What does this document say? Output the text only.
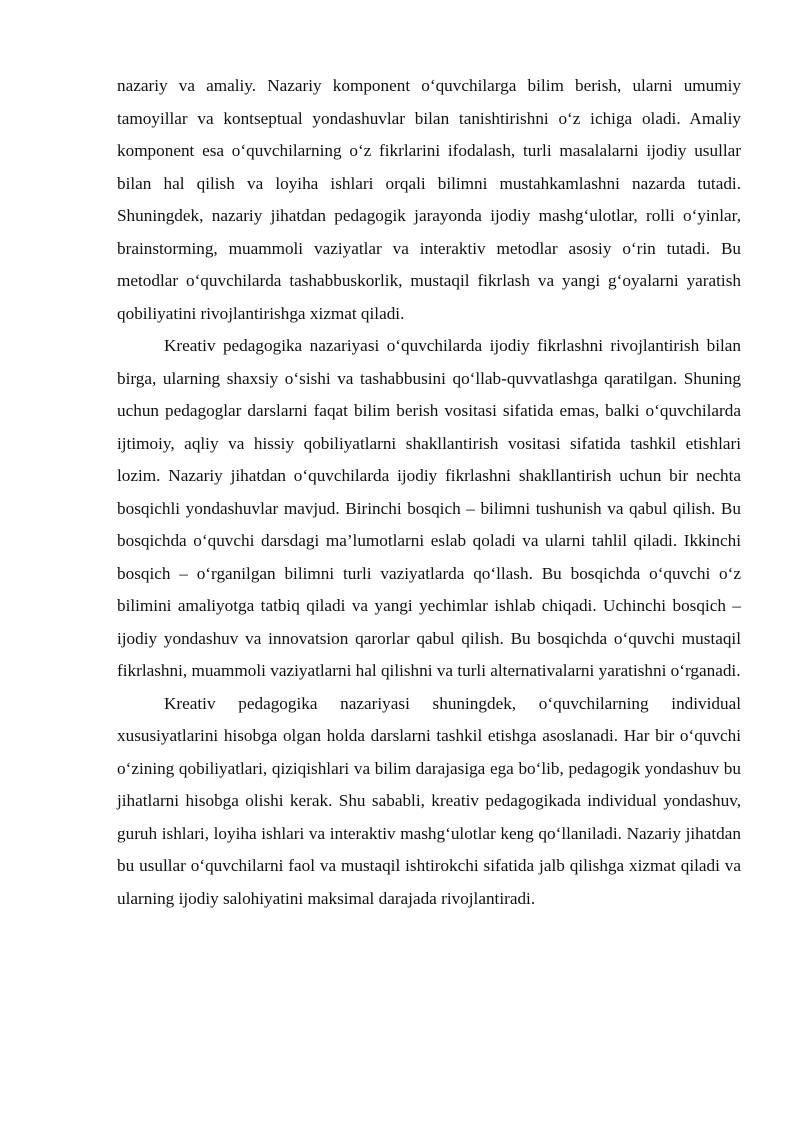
nazariy va amaliy. Nazariy komponent o‘quvchilarga bilim berish, ularni umumiy tamoyillar va kontseptual yondashuvlar bilan tanishtirishni o‘z ichiga oladi. Amaliy komponent esa o‘quvchilarning o‘z fikrlarini ifodalash, turli masalalarni ijodiy usullar bilan hal qilish va loyiha ishlari orqali bilimni mustahkamlashni nazarda tutadi. Shuningdek, nazariy jihatdan pedagogik jarayonda ijodiy mashg‘ulotlar, rolli o‘yinlar, brainstorming, muammoli vaziyatlar va interaktiv metodlar asosiy o‘rin tutadi. Bu metodlar o‘quvchilarda tashabbuskorlik, mustaqil fikrlash va yangi g‘oyalarni yaratish qobiliyatini rivojlantirishga xizmat qiladi.

Kreativ pedagogika nazariyasi o‘quvchilarda ijodiy fikrlashni rivojlantirish bilan birga, ularning shaxsiy o‘sishi va tashabbusini qo‘llab-quvvatlashga qaratilgan. Shuning uchun pedagoglar darslarni faqat bilim berish vositasi sifatida emas, balki o‘quvchilarda ijtimoiy, aqliy va hissiy qobiliyatlarni shakllantirish vositasi sifatida tashkil etishlari lozim. Nazariy jihatdan o‘quvchilarda ijodiy fikrlashni shakllantirish uchun bir nechta bosqichli yondashuvlar mavjud. Birinchi bosqich – bilimni tushunish va qabul qilish. Bu bosqichda o‘quvchi darsdagi ma’lumotlarni eslab qoladi va ularni tahlil qiladi. Ikkinchi bosqich – o‘rganilgan bilimni turli vaziyatlarda qo‘llash. Bu bosqichda o‘quvchi o‘z bilimini amaliyotga tatbiq qiladi va yangi yechimlar ishlab chiqadi. Uchinchi bosqich – ijodiy yondashuv va innovatsion qarorlar qabul qilish. Bu bosqichda o‘quvchi mustaqil fikrlashni, muammoli vaziyatlarni hal qilishni va turli alternativalarni yaratishni o‘rganadi.

Kreativ pedagogika nazariyasi shuningdek, o‘quvchilarning individual xususiyatlarini hisobga olgan holda darslarni tashkil etishga asoslanadi. Har bir o‘quvchi o‘zining qobiliyatlari, qiziqishlari va bilim darajasiga ega bo‘lib, pedagogik yondashuv bu jihatlarni hisobga olishi kerak. Shu sababli, kreativ pedagogikada individual yondashuv, guruh ishlari, loyiha ishlari va interaktiv mashg‘ulotlar keng qo‘llaniladi. Nazariy jihatdan bu usullar o‘quvchilarni faol va mustaqil ishtirokchi sifatida jalb qilishga xizmat qiladi va ularning ijodiy salohiyatini maksimal darajada rivojlantiradi.
